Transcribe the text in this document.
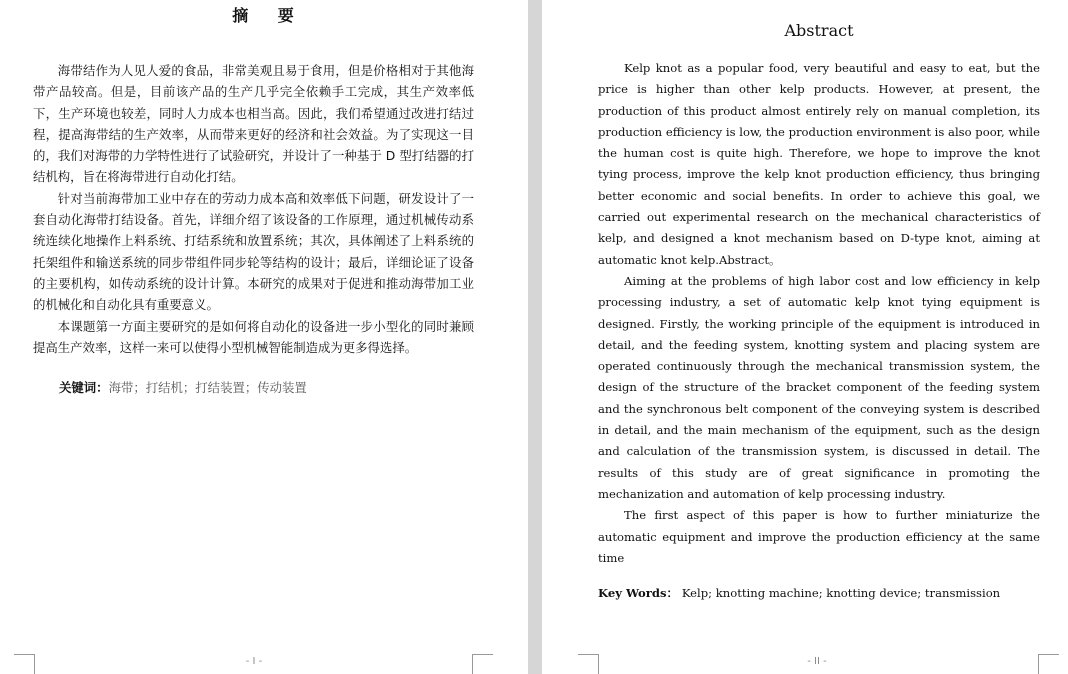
摘 要

海带结作为人见人爱的食品，非常美观且易于食用，但是价格相对于其他海带产品较高。但是，目前该产品的生产几乎完全依赖手工完成，其生产效率低下，生产环境也较差，同时人力成本也相当高。因此，我们希望通过改进打结过程，提高海带结的生产效率，从而带来更好的经济和社会效益。为了实现这一目的，我们对海带的力学特性进行了试验研究，并设计了一种基于 D 型打结器的打结机构，旨在将海带进行自动化打结。

针对当前海带加工业中存在的劳动力成本高和效率低下问题，研发设计了一套自动化海带打结设备。首先，详细介绍了该设备的工作原理，通过机械传动系统连续化地操作上料系统、打结系统和放置系统；其次，具体阐述了上料系统的托架组件和输送系统的同步带组件同步轮等结构的设计；最后，详细论证了设备的主要机构，如传动系统的设计计算。本研究的成果对于促进和推动海带加工业的机械化和自动化具有重要意义。

本课题第一方面主要研究的是如何将自动化的设备进一步小型化的同时兼顾提高生产效率，这样一来可以使得小型机械智能制造成为更多得选择。

关键词：海带；打结机；打结装置；传动装置
- I -
Abstract

Kelp knot as a popular food, very beautiful and easy to eat, but the price is higher than other kelp products. However, at present, the production of this product almost entirely rely on manual completion, its production efficiency is low, the production environment is also poor, while the human cost is quite high. Therefore, we hope to improve the knot tying process, improve the kelp knot production efficiency, thus bringing better economic and social benefits. In order to achieve this goal, we carried out experimental research on the mechanical characteristics of kelp, and designed a knot mechanism based on D-type knot, aiming at automatic knot kelp.Abstract。

Aiming at the problems of high labor cost and low efficiency in kelp processing industry, a set of automatic kelp knot tying equipment is designed. Firstly, the working principle of the equipment is introduced in detail, and the feeding system, knotting system and placing system are operated continuously through the mechanical transmission system, the design of the structure of the bracket component of the feeding system and the synchronous belt component of the conveying system is described in detail, and the main mechanism of the equipment, such as the design and calculation of the transmission system, is discussed in detail. The results of this study are of great significance in promoting the mechanization and automation of kelp processing industry.

The first aspect of this paper is how to further miniaturize the automatic equipment and improve the production efficiency at the same time

Key Words： Kelp; knotting machine; knotting device; transmission
- II -
